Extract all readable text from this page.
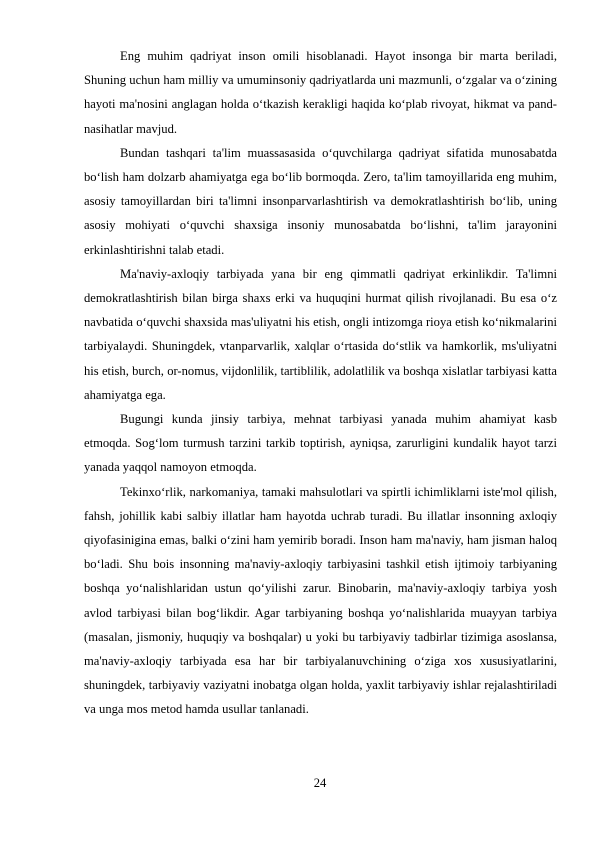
Eng muhim qadriyat inson omili hisoblanadi. Hayot insonga bir marta beriladi, Shuning uchun ham milliy va umuminsoniy qadriyatlarda uni mazmunli, o‘zgalar va o‘zining hayoti ma'nosini anglagan holda o‘tkazish kerakligi haqida ko‘plab rivoyat, hikmat va pand-nasihatlar mavjud.

Bundan tashqari ta'lim muassasasida o‘quvchilarga qadriyat sifatida munosabatda bo‘lish ham dolzarb ahamiyatga ega bo‘lib bormoqda. Zero, ta'lim tamoyillarida eng muhim, asosiy tamoyillardan biri ta'limni insonparvarlashtirish va demokratlashtirish bo‘lib, uning asosiy mohiyati o‘quvchi shaxsiga insoniy munosabatda bo‘lishni, ta'lim jarayonini erkinlashtirishni talab etadi.

Ma'naviy-axloqiy tarbiyada yana bir eng qimmatli qadriyat erkinlikdir. Ta'limni demokratlashtirish bilan birga shaxs erki va huquqini hurmat qilish rivojlanadi. Bu esa o‘z navbatida o‘quvchi shaxsida mas'uliyatni his etish, ongli intizomga rioya etish ko‘nikmalarini tarbiyalaydi. Shuningdek, vtanparvarlik, xalqlar o‘rtasida do‘stlik va hamkorlik, ms'uliyatni his etish, burch, or-nomus, vijdonlilik, tartiblilik, adolatlilik va boshqa xislatlar tarbiyasi katta ahamiyatga ega.

Bugungi kunda jinsiy tarbiya, mehnat tarbiyasi yanada muhim ahamiyat kasb etmoqda. Sog‘lom turmush tarzini tarkib toptirish, ayniqsa, zarurligini kundalik hayot tarzi yanada yaqqol namoyon etmoqda.

Tekinxo‘rlik, narkomaniya, tamaki mahsulotlari va spirtli ichimliklarni iste'mol qilish, fahsh, johillik kabi salbiy illatlar ham hayotda uchrab turadi. Bu illatlar insonning axloqiy qiyofasinigina emas, balki o‘zini ham yemirib boradi. Inson ham ma'naviy, ham jisman haloq bo‘ladi. Shu bois insonning ma'naviy-axloqiy tarbiyasini tashkil etish ijtimoiy tarbiyaning boshqa yo‘nalishlaridan ustun qo‘yilishi zarur. Binobarin, ma'naviy-axloqiy tarbiya yosh avlod tarbiyasi bilan bog‘likdir. Agar tarbiyaning boshqa yo‘nalishlarida muayyan tarbiya (masalan, jismoniy, huquqiy va boshqalar) u yoki bu tarbiyaviy tadbirlar tizimiga asoslansa, ma'naviy-axloqiy tarbiyada esa har bir tarbiyalanuvchining o‘ziga xos xususiyatlarini, shuningdek, tarbiyaviy vaziyatni inobatga olgan holda, yaxlit tarbiyaviy ishlar rejalashtiriladi va unga mos metod hamda usullar tanlanadi.

24
